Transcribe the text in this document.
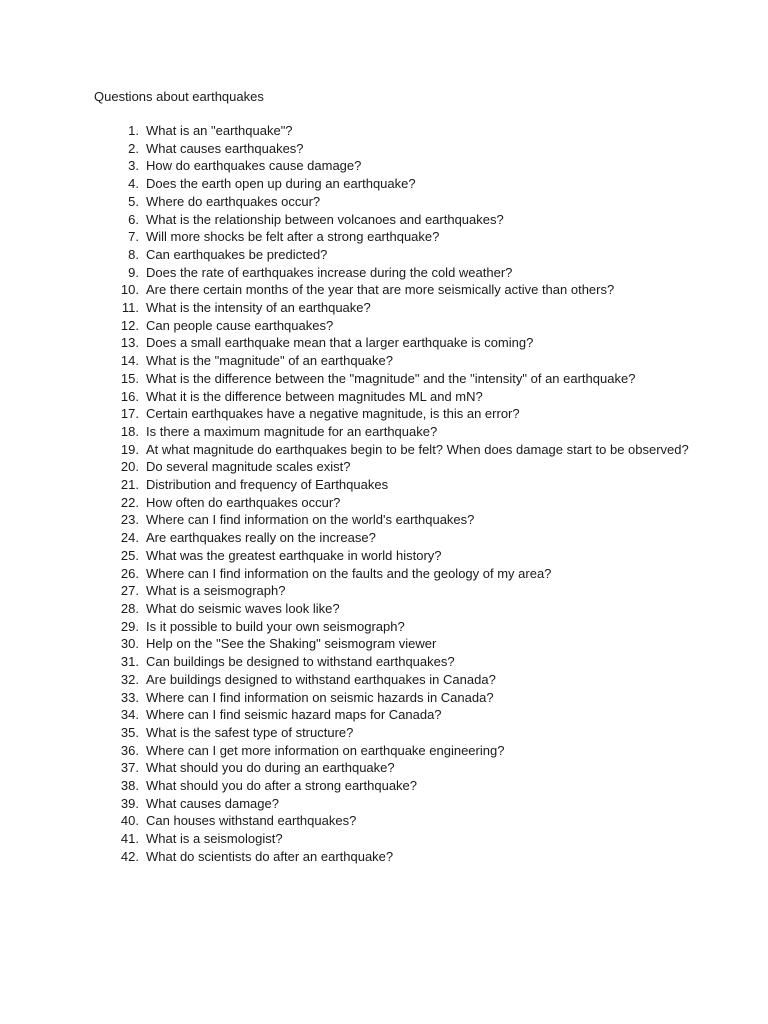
Questions about earthquakes
1. What is an "earthquake"?
2. What causes earthquakes?
3. How do earthquakes cause damage?
4. Does the earth open up during an earthquake?
5. Where do earthquakes occur?
6. What is the relationship between volcanoes and earthquakes?
7. Will more shocks be felt after a strong earthquake?
8. Can earthquakes be predicted?
9. Does the rate of earthquakes increase during the cold weather?
10. Are there certain months of the year that are more seismically active than others?
11. What is the intensity of an earthquake?
12. Can people cause earthquakes?
13. Does a small earthquake mean that a larger earthquake is coming?
14. What is the "magnitude" of an earthquake?
15. What is the difference between the "magnitude" and the "intensity" of an earthquake?
16. What it is the difference between magnitudes ML and mN?
17. Certain earthquakes have a negative magnitude, is this an error?
18. Is there a maximum magnitude for an earthquake?
19. At what magnitude do earthquakes begin to be felt? When does damage start to be observed?
20. Do several magnitude scales exist?
21. Distribution and frequency of Earthquakes
22. How often do earthquakes occur?
23. Where can I find information on the world's earthquakes?
24. Are earthquakes really on the increase?
25. What was the greatest earthquake in world history?
26. Where can I find information on the faults and the geology of my area?
27. What is a seismograph?
28. What do seismic waves look like?
29. Is it possible to build your own seismograph?
30. Help on the "See the Shaking" seismogram viewer
31. Can buildings be designed to withstand earthquakes?
32. Are buildings designed to withstand earthquakes in Canada?
33. Where can I find information on seismic hazards in Canada?
34. Where can I find seismic hazard maps for Canada?
35. What is the safest type of structure?
36. Where can I get more information on earthquake engineering?
37. What should you do during an earthquake?
38. What should you do after a strong earthquake?
39. What causes damage?
40. Can houses withstand earthquakes?
41. What is a seismologist?
42. What do scientists do after an earthquake?
